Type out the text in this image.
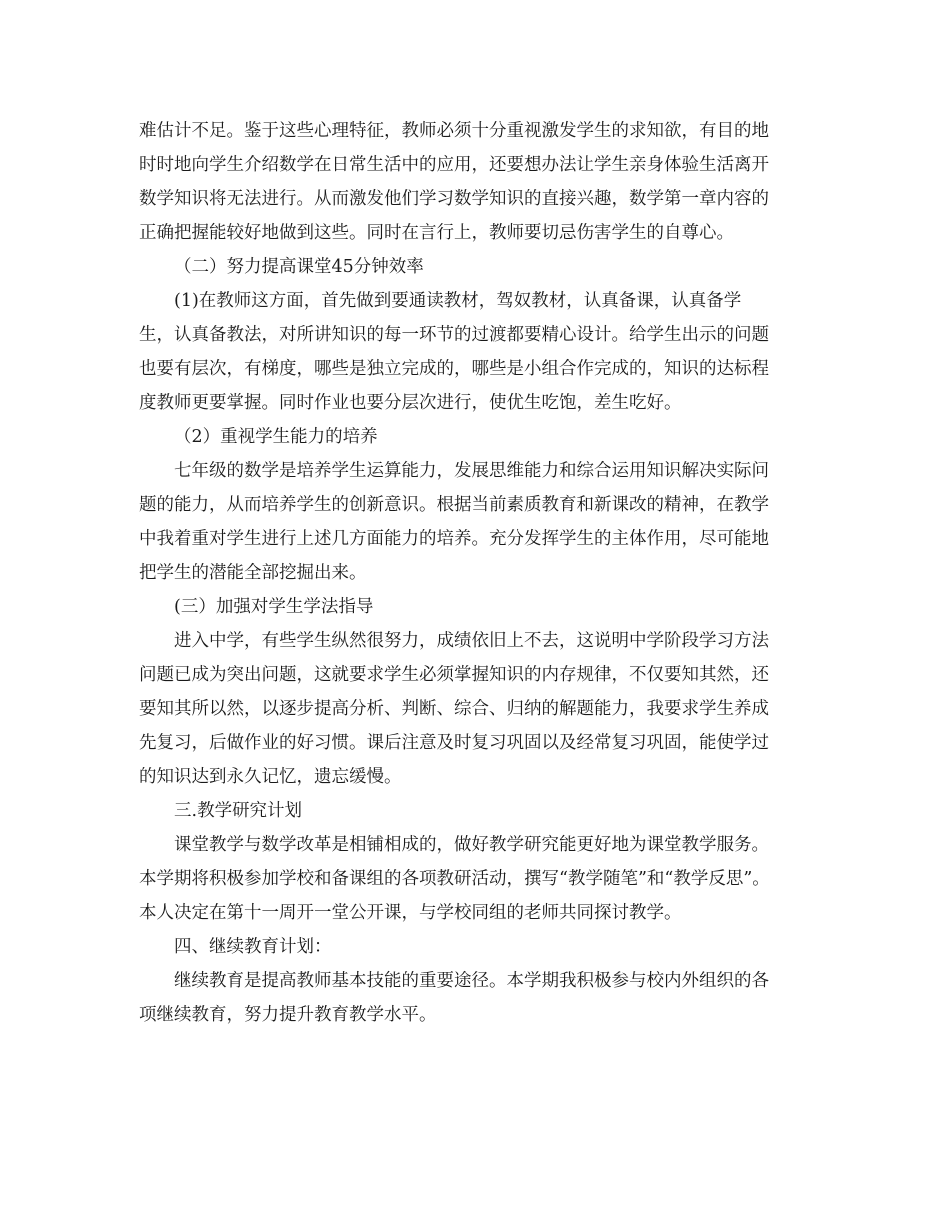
难估计不足。鉴于这些心理特征，教师必须十分重视激发学生的求知欲，有目的地
时时地向学生介绍数学在日常生活中的应用，还要想办法让学生亲身体验生活离开
数学知识将无法进行。从而激发他们学习数学知识的直接兴趣，数学第一章内容的
正确把握能较好地做到这些。同时在言行上，教师要切忌伤害学生的自尊心。
（二）努力提高课堂45分钟效率
(1)在教师这方面，首先做到要通读教材，驾奴教材，认真备课，认真备学
生，认真备教法，对所讲知识的每一环节的过渡都要精心设计。给学生出示的问题
也要有层次，有梯度，哪些是独立完成的，哪些是小组合作完成的，知识的达标程
度教师更要掌握。同时作业也要分层次进行，使优生吃饱，差生吃好。
（2）重视学生能力的培养
七年级的数学是培养学生运算能力，发展思维能力和综合运用知识解决实际问
题的能力，从而培养学生的创新意识。根据当前素质教育和新课改的精神，在教学
中我着重对学生进行上述几方面能力的培养。充分发挥学生的主体作用，尽可能地
把学生的潜能全部挖掘出来。
(三）加强对学生学法指导
进入中学，有些学生纵然很努力，成绩依旧上不去，这说明中学阶段学习方法
问题已成为突出问题，这就要求学生必须掌握知识的内存规律，不仅要知其然，还
要知其所以然，以逐步提高分析、判断、综合、归纳的解题能力，我要求学生养成
先复习，后做作业的好习惯。课后注意及时复习巩固以及经常复习巩固，能使学过
的知识达到永久记忆，遗忘缓慢。
三.教学研究计划
课堂教学与数学改革是相铺相成的，做好教学研究能更好地为课堂教学服务。
本学期将积极参加学校和备课组的各项教研活动，撰写“教学随笔”和“教学反思”。
本人决定在第十一周开一堂公开课，与学校同组的老师共同探讨教学。
四、继续教育计划：
继续教育是提高教师基本技能的重要途径。本学期我积极参与校内外组织的各
项继续教育，努力提升教育教学水平。
